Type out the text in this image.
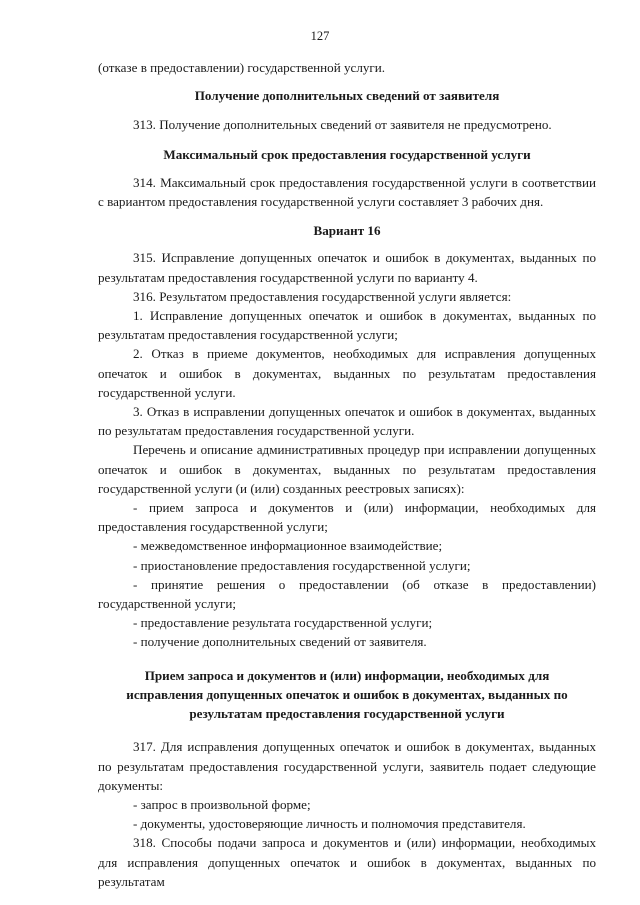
127

(отказе в предоставлении) государственной услуги.

Получение дополнительных сведений от заявителя

313. Получение дополнительных сведений от заявителя не предусмотрено.

Максимальный срок предоставления государственной услуги

314. Максимальный срок предоставления государственной услуги в соответствии с вариантом предоставления государственной услуги составляет 3 рабочих дня.

Вариант 16

315. Исправление допущенных опечаток и ошибок в документах, выданных по результатам предоставления государственной услуги по варианту 4.

316. Результатом предоставления государственной услуги является:

1. Исправление допущенных опечаток и ошибок в документах, выданных по результатам предоставления государственной услуги;

2. Отказ в приеме документов, необходимых для исправления допущенных опечаток и ошибок в документах, выданных по результатам предоставления государственной услуги.

3. Отказ в исправлении допущенных опечаток и ошибок в документах, выданных по результатам предоставления государственной услуги.

Перечень и описание административных процедур при исправлении допущенных опечаток и ошибок в документах, выданных по результатам предоставления государственной услуги (и (или) созданных реестровых записях):

- прием запроса и документов и (или) информации, необходимых для предоставления государственной услуги;

- межведомственное информационное взаимодействие;

- приостановление предоставления государственной услуги;

- принятие решения о предоставлении (об отказе в предоставлении) государственной услуги;

- предоставление результата государственной услуги;

- получение дополнительных сведений от заявителя.

Прием запроса и документов и (или) информации, необходимых для исправления допущенных опечаток и ошибок в документах, выданных по результатам предоставления государственной услуги

317. Для исправления допущенных опечаток и ошибок в документах, выданных по результатам предоставления государственной услуги, заявитель подает следующие документы:

- запрос в произвольной форме;

- документы, удостоверяющие личность и полномочия представителя.

318. Способы подачи запроса и документов и (или) информации, необходимых для исправления допущенных опечаток и ошибок в документах, выданных по результатам
